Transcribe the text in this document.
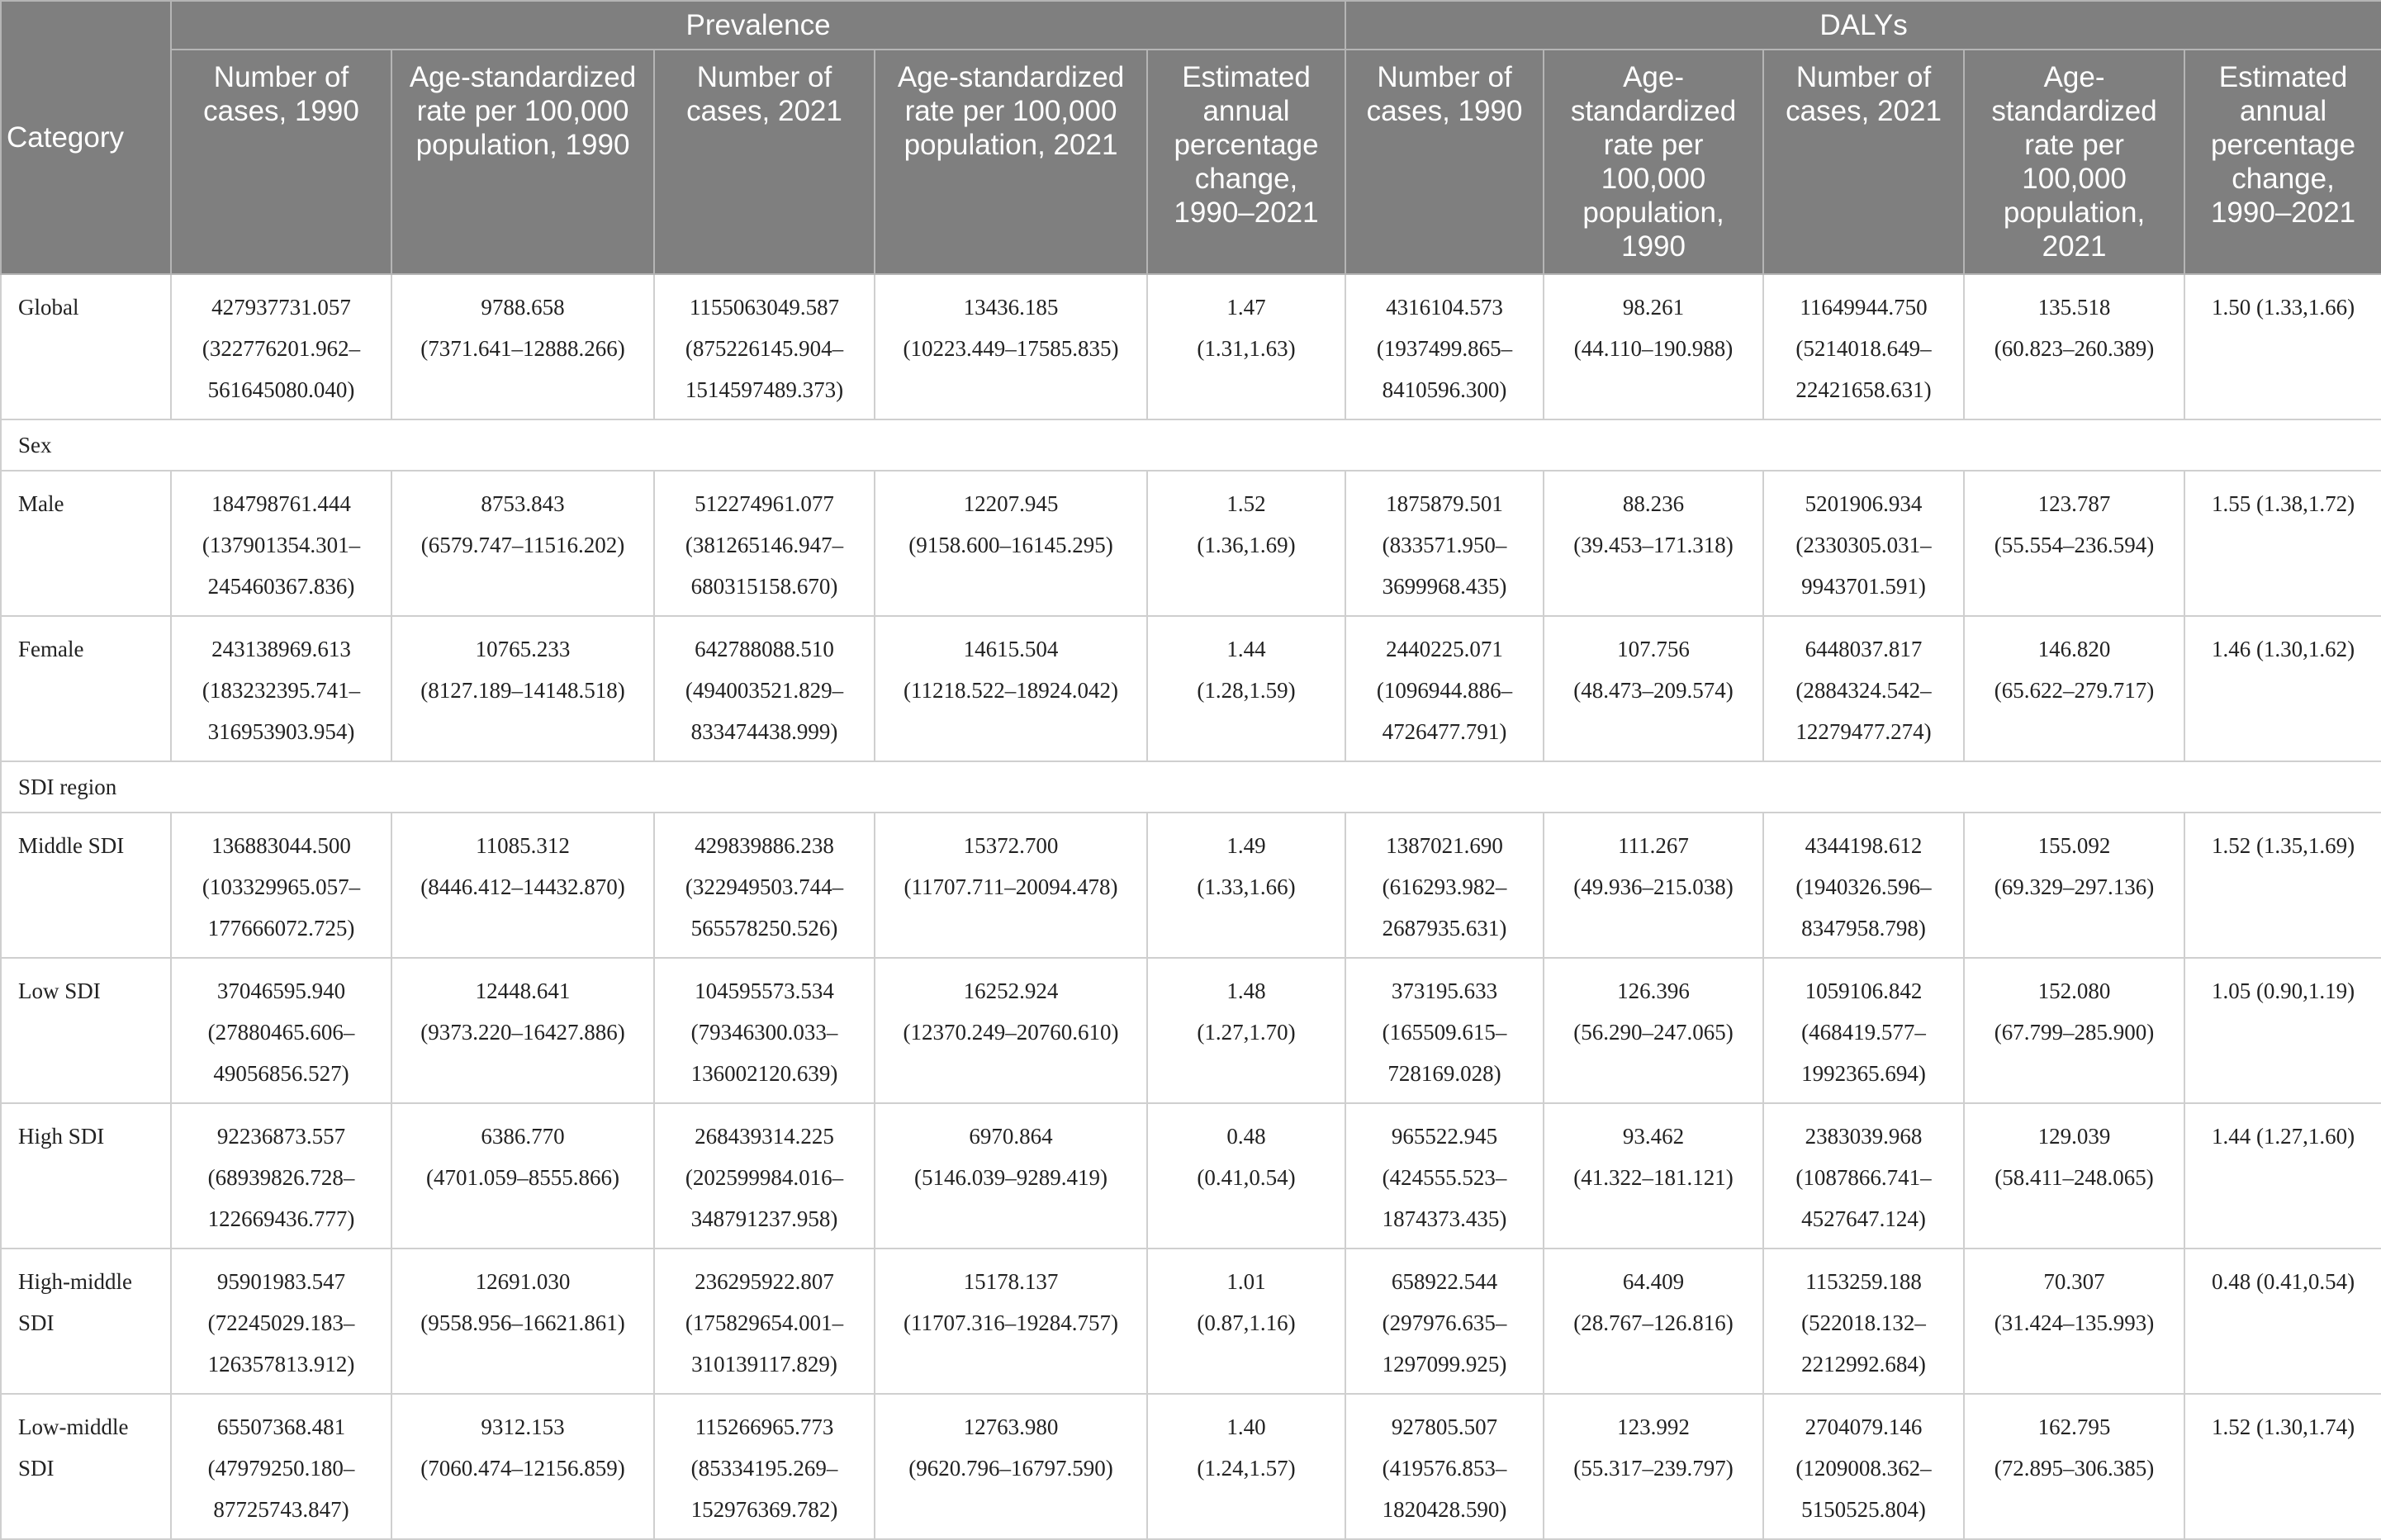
Category	Prevalence					DALYs				
	Number of cases, 1990	Age-standardized rate per 100,000 population, 1990	Number of cases, 2021	Age-standardized rate per 100,000 population, 2021	Estimated annual percentage change, 1990–2021	Number of cases, 1990	Age-standardized rate per 100,000 population, 1990	Number of cases, 2021	Age-standardized rate per 100,000 population, 2021	Estimated annual percentage change, 1990–2021

Global	427937731.057
(322776201.962–
561645080.040)	9788.658
(7371.641–12888.266)	1155063049.587
(875226145.904–
1514597489.373)	13436.185
(10223.449–17585.835)	1.47
(1.31,1.63)	4316104.573
(1937499.865–
8410596.300)	98.261
(44.110–190.988)	11649944.750
(5214018.649–
22421658.631)	135.518
(60.823–260.389)	1.50 (1.33,1.66)

Sex										

Male	184798761.444
(137901354.301–
245460367.836)	8753.843
(6579.747–11516.202)	512274961.077
(381265146.947–
680315158.670)	12207.945
(9158.600–16145.295)	1.52
(1.36,1.69)	1875879.501
(833571.950–
3699968.435)	88.236
(39.453–171.318)	5201906.934
(2330305.031–
9943701.591)	123.787
(55.554–236.594)	1.55 (1.38,1.72)

Female	243138969.613
(183232395.741–
316953903.954)	10765.233
(8127.189–14148.518)	642788088.510
(494003521.829–
833474438.999)	14615.504
(11218.522–18924.042)	1.44
(1.28,1.59)	2440225.071
(1096944.886–
4726477.791)	107.756
(48.473–209.574)	6448037.817
(2884324.542–
12279477.274)	146.820
(65.622–279.717)	1.46 (1.30,1.62)

SDI region										

Middle SDI	136883044.500
(103329965.057–
177666072.725)	11085.312
(8446.412–14432.870)	429839886.238
(322949503.744–
565578250.526)	15372.700
(11707.711–20094.478)	1.49
(1.33,1.66)	1387021.690
(616293.982–
2687935.631)	111.267
(49.936–215.038)	4344198.612
(1940326.596–
8347958.798)	155.092
(69.329–297.136)	1.52 (1.35,1.69)

Low SDI	37046595.940
(27880465.606–
49056856.527)	12448.641
(9373.220–16427.886)	104595573.534
(79346300.033–
136002120.639)	16252.924
(12370.249–20760.610)	1.48
(1.27,1.70)	373195.633
(165509.615–
728169.028)	126.396
(56.290–247.065)	1059106.842
(468419.577–
1992365.694)	152.080
(67.799–285.900)	1.05 (0.90,1.19)

High SDI	92236873.557
(68939826.728–
122669436.777)	6386.770
(4701.059–8555.866)	268439314.225
(202599984.016–
348791237.958)	6970.864
(5146.039–9289.419)	0.48
(0.41,0.54)	965522.945
(424555.523–
1874373.435)	93.462
(41.322–181.121)	2383039.968
(1087866.741–
4527647.124)	129.039
(58.411–248.065)	1.44 (1.27,1.60)

High-middle
SDI	95901983.547
(72245029.183–
126357813.912)	12691.030
(9558.956–16621.861)	236295922.807
(175829654.001–
310139117.829)	15178.137
(11707.316–19284.757)	1.01
(0.87,1.16)	658922.544
(297976.635–
1297099.925)	64.409
(28.767–126.816)	1153259.188
(522018.132–
2212992.684)	70.307
(31.424–135.993)	0.48 (0.41,0.54)

Low-middle
SDI	65507368.481
(47979250.180–
87725743.847)	9312.153
(7060.474–12156.859)	115266965.773
(85334195.269–
152976369.782)	12763.980
(9620.796–16797.590)	1.40
(1.24,1.57)	927805.507
(419576.853–
1820428.590)	123.992
(55.317–239.797)	2704079.146
(1209008.362–
5150525.804)	162.795
(72.895–306.385)	1.52 (1.30,1.74)
